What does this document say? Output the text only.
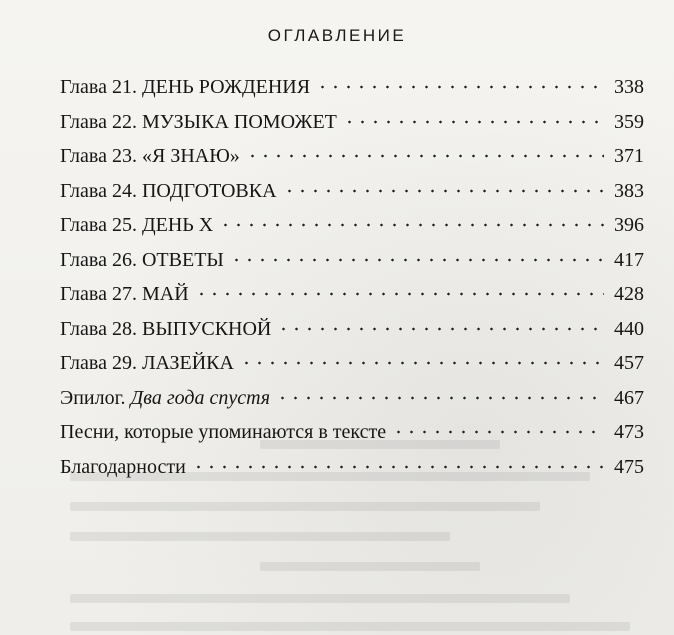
ОГЛАВЛЕНИЕ
Глава 21. ДЕНЬ РОЖДЕНИЯ	338
Глава 22. МУЗЫКА ПОМОЖЕТ	359
Глава 23. «Я ЗНАЮ»	371
Глава 24. ПОДГОТОВКА	383
Глава 25. ДЕНЬ X	396
Глава 26. ОТВЕТЫ	417
Глава 27. МАЙ	428
Глава 28. ВЫПУСКНОЙ	440
Глава 29. ЛАЗЕЙКА	457
Эпилог. Два года спустя	467
Песни, которые упоминаются в тексте	473
Благодарности	475
